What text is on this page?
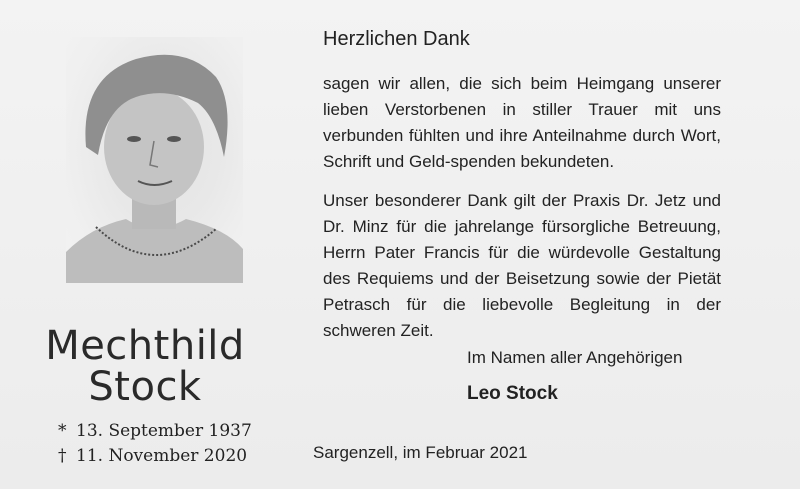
Mechthild
Stock
* 13. September 1937
† 11. November 2020

Herzlichen Dank

sagen wir allen, die sich beim Heimgang unserer lieben Verstorbenen in stiller Trauer mit uns verbunden fühlten und ihre Anteilnahme durch Wort, Schrift und Geld-spenden bekundeten.

Unser besonderer Dank gilt der Praxis Dr. Jetz und Dr. Minz für die jahrelange fürsorgliche Betreuung, Herrn Pater Francis für die würdevolle Gestaltung des Requiems und der Beisetzung sowie der Pietät Petrasch für die liebevolle Begleitung in der schweren Zeit.

Im Namen aller Angehörigen
Leo Stock
Sargenzell, im Februar 2021
